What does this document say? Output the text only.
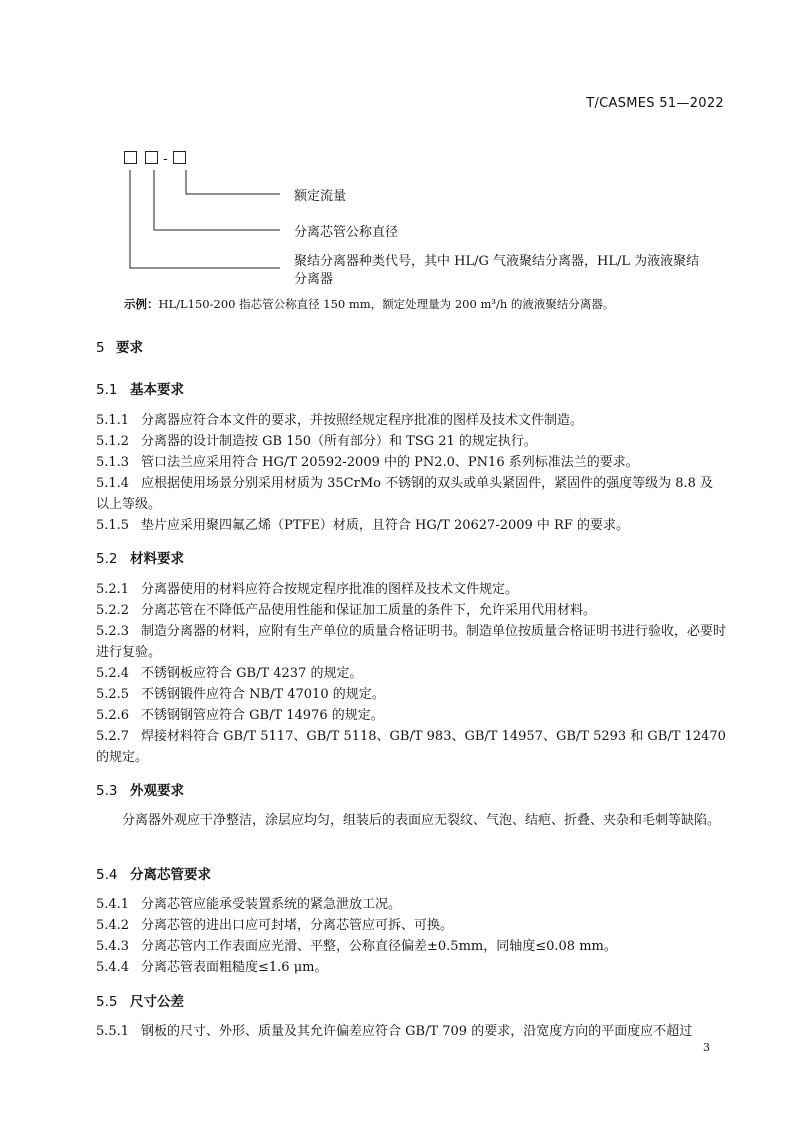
T/CASMES 51—2022
-
额定流量
分离芯管公称直径
聚结分离器种类代号，其中 HL/G 气液聚结分离器，HL/L 为液液聚结
分离器
示例：HL/L150-200 指芯管公称直径 150 mm，额定处理量为 200 m³/h 的液液聚结分离器。
5 要求
5.1 基本要求
5.1.1 分离器应符合本文件的要求，并按照经规定程序批准的图样及技术文件制造。
5.1.2 分离器的设计制造按 GB 150（所有部分）和 TSG 21 的规定执行。
5.1.3 管口法兰应采用符合 HG/T 20592-2009 中的 PN2.0、PN16 系列标准法兰的要求。
5.1.4 应根据使用场景分别采用材质为 35CrMo 不锈钢的双头或单头紧固件，紧固件的强度等级为 8.8 及以上等级。
5.1.5 垫片应采用聚四氟乙烯（PTFE）材质，且符合 HG/T 20627-2009 中 RF 的要求。
5.2 材料要求
5.2.1 分离器使用的材料应符合按规定程序批准的图样及技术文件规定。
5.2.2 分离芯管在不降低产品使用性能和保证加工质量的条件下，允许采用代用材料。
5.2.3 制造分离器的材料，应附有生产单位的质量合格证明书。制造单位按质量合格证明书进行验收，必要时进行复验。
5.2.4 不锈钢板应符合 GB/T 4237 的规定。
5.2.5 不锈钢锻件应符合 NB/T 47010 的规定。
5.2.6 不锈钢钢管应符合 GB/T 14976 的规定。
5.2.7 焊接材料符合 GB/T 5117、GB/T 5118、GB/T 983、GB/T 14957、GB/T 5293 和 GB/T 12470 的规定。
5.3 外观要求
分离器外观应干净整洁，涂层应均匀，组装后的表面应无裂纹、气泡、结疤、折叠、夹杂和毛刺等缺陷。
5.4 分离芯管要求
5.4.1 分离芯管应能承受装置系统的紧急泄放工况。
5.4.2 分离芯管的进出口应可封堵，分离芯管应可拆、可换。
5.4.3 分离芯管内工作表面应光滑、平整，公称直径偏差±0.5mm，同轴度≤0.08 mm。
5.4.4 分离芯管表面粗糙度≤1.6 μm。
5.5 尺寸公差
5.5.1 钢板的尺寸、外形、质量及其允许偏差应符合 GB/T 709 的要求，沿宽度方向的平面度应不超过
3
